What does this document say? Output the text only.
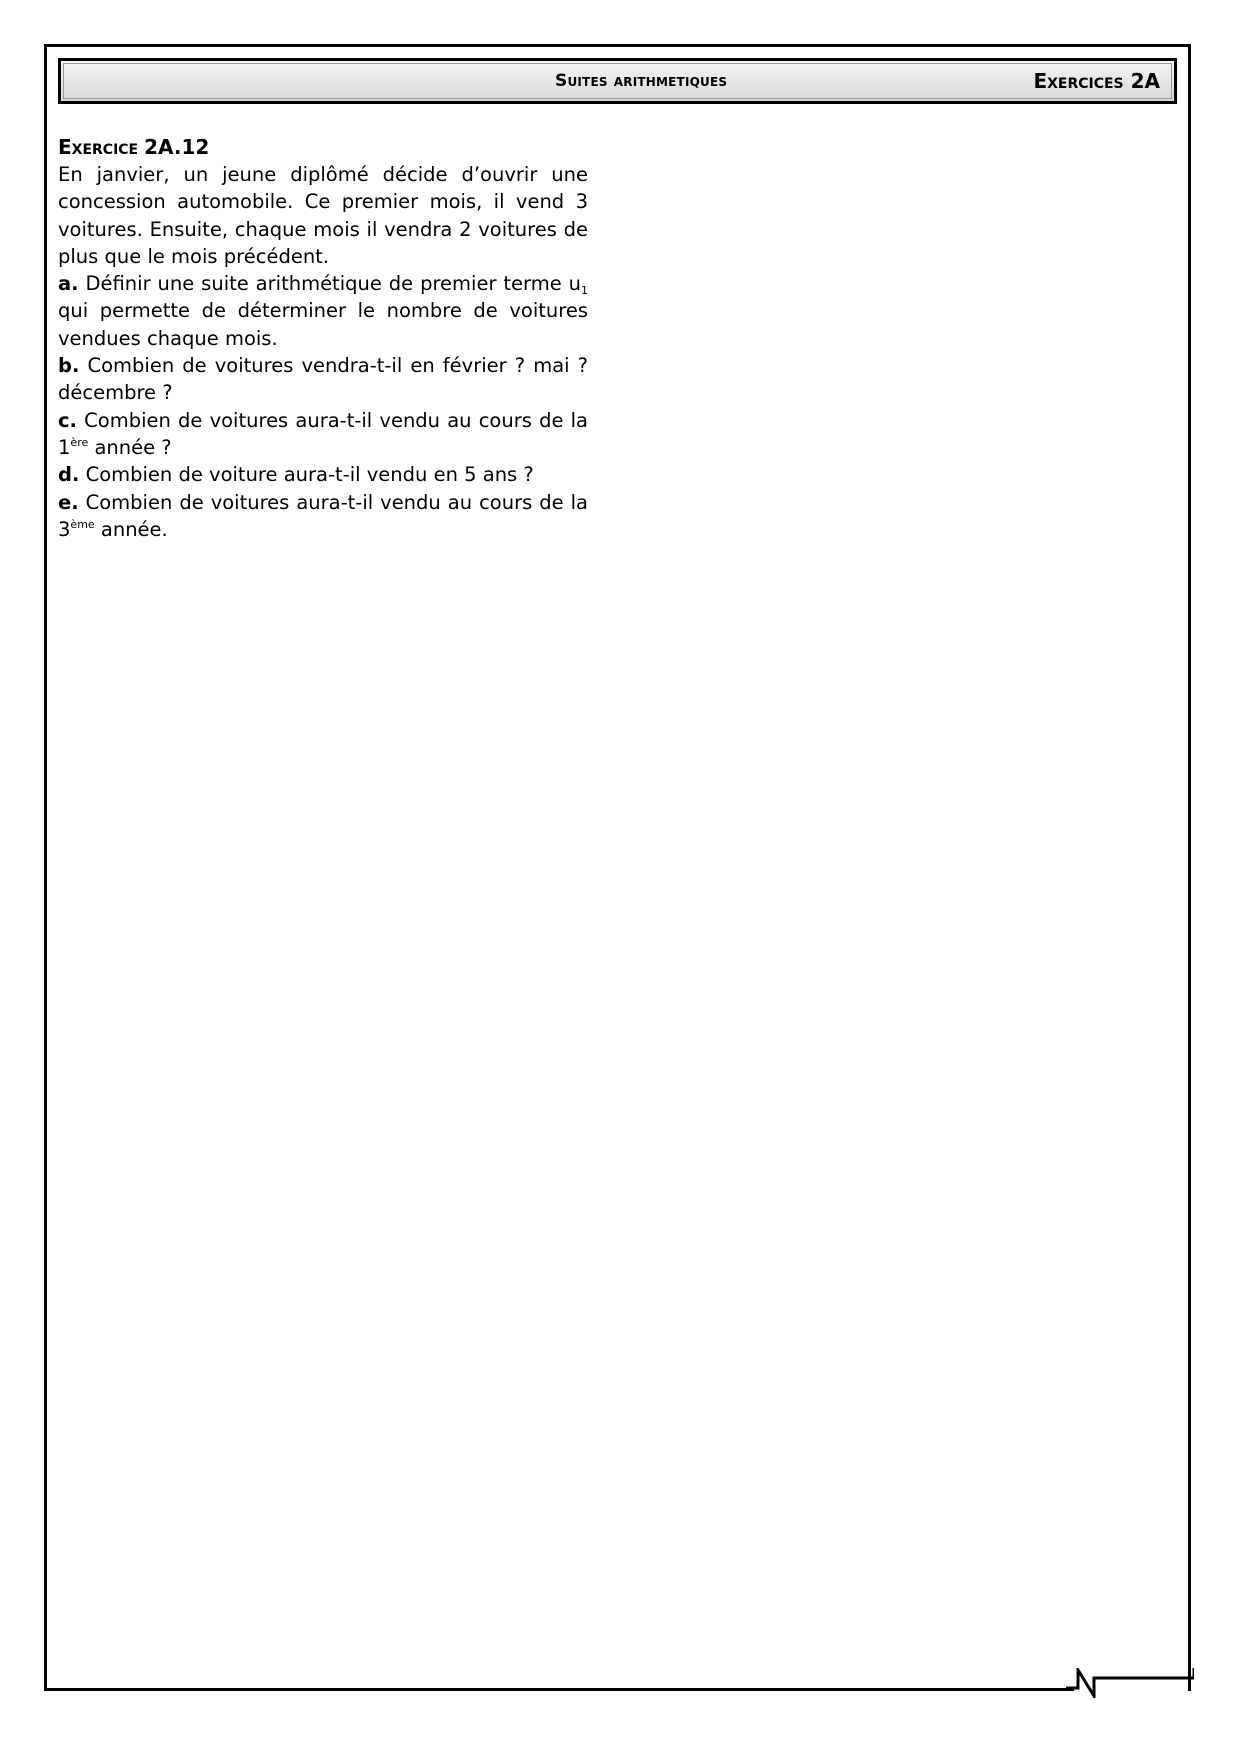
Suites arithmetiques	Exercices 2A
Exercice 2A.12

En janvier, un jeune diplômé décide d’ouvrir une concession automobile. Ce premier mois, il vend 3 voitures. Ensuite, chaque mois il vendra 2 voitures de plus que le mois précédent.

a. Définir une suite arithmétique de premier terme $u_1$ qui permette de déterminer le nombre de voitures vendues chaque mois.

b. Combien de voitures vendra-t-il en février ? mai ? décembre ?

c. Combien de voitures aura-t-il vendu au cours de la 1ère année ?

d. Combien de voiture aura-t-il vendu en 5 ans ?

e. Combien de voitures aura-t-il vendu au cours de la 3ème année.
